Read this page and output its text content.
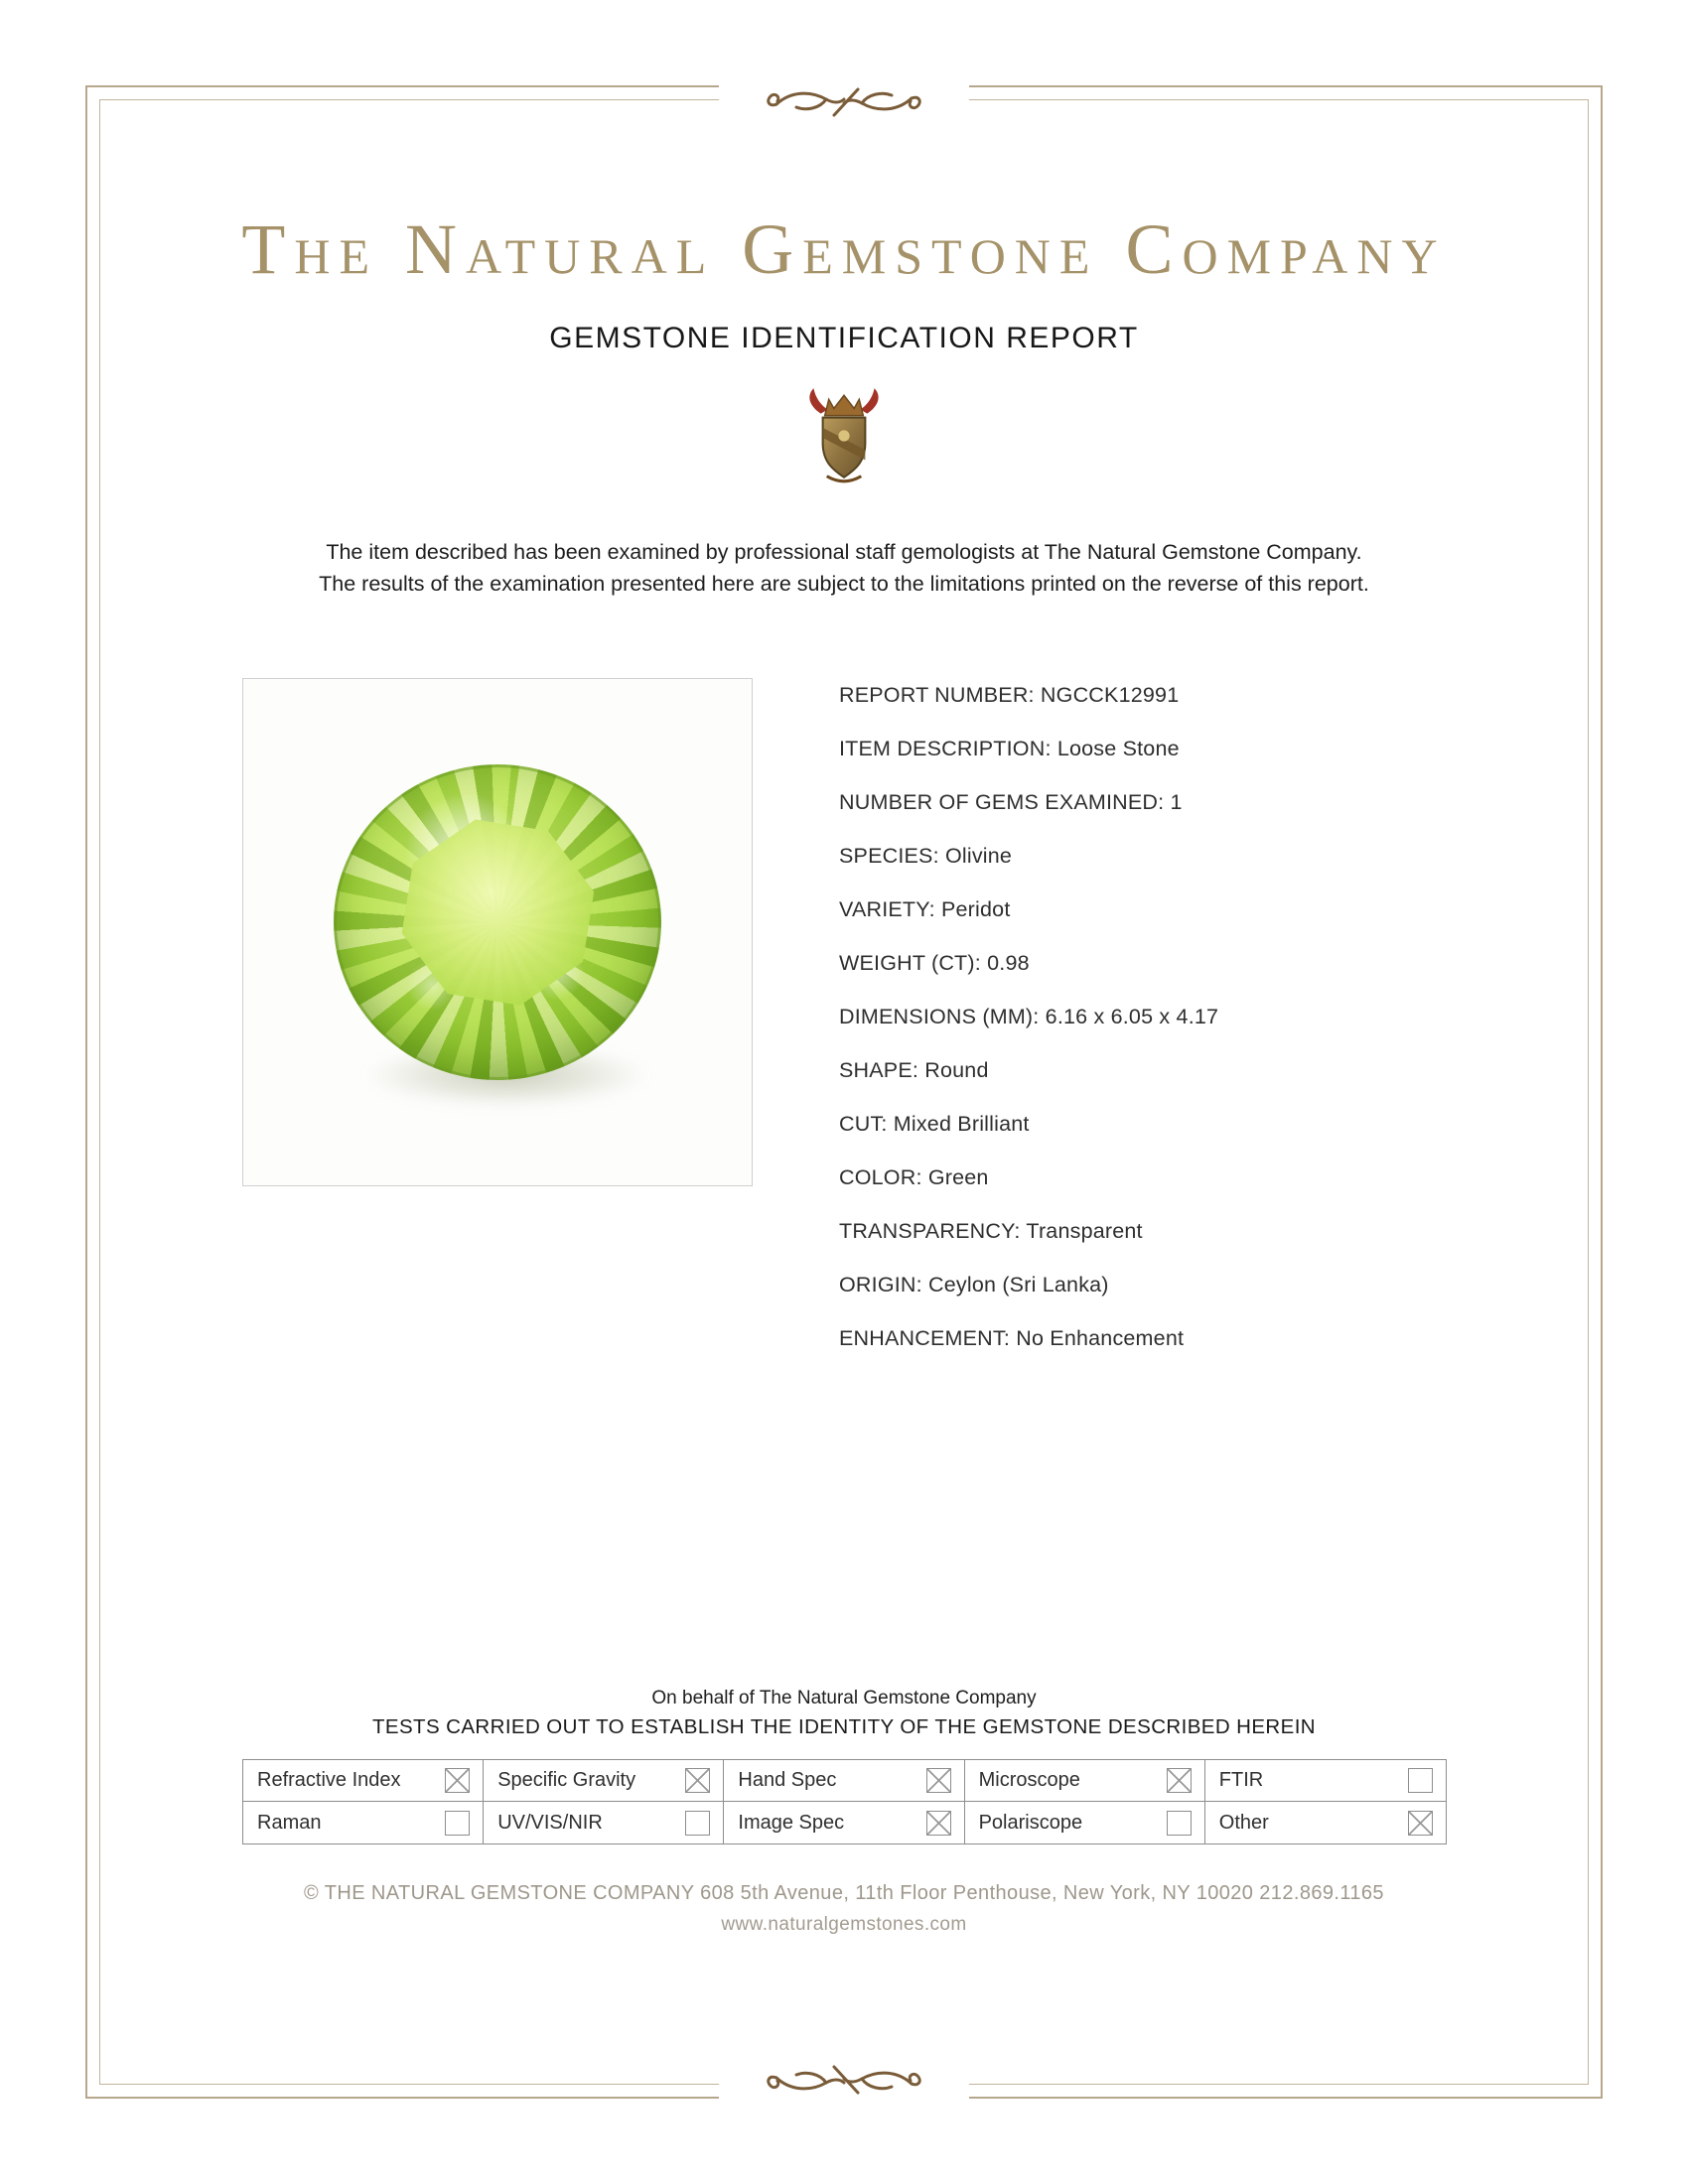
The Natural Gemstone Company
GEMSTONE IDENTIFICATION REPORT
The item described has been examined by professional staff gemologists at The Natural Gemstone Company.
The results of the examination presented here are subject to the limitations printed on the reverse of this report.

REPORT NUMBER: NGCCK12991

ITEM DESCRIPTION: Loose Stone

NUMBER OF GEMS EXAMINED: 1

SPECIES: Olivine

VARIETY: Peridot

WEIGHT (CT): 0.98

DIMENSIONS (MM): 6.16 x 6.05 x 4.17

SHAPE: Round

CUT: Mixed Brilliant

COLOR: Green

TRANSPARENCY: Transparent

ORIGIN: Ceylon (Sri Lanka)

ENHANCEMENT: No Enhancement

On behalf of The Natural Gemstone Company
TESTS CARRIED OUT TO ESTABLISH THE IDENTITY OF THE GEMSTONE DESCRIBED HEREIN
Refractive Index	Specific Gravity	Hand Spec	Microscope	FTIR
Raman	UV/VIS/NIR	Image Spec	Polariscope	Other
© THE NATURAL GEMSTONE COMPANY 608 5th Avenue, 11th Floor Penthouse, New York, NY 10020 212.869.1165
www.naturalgemstones.com
